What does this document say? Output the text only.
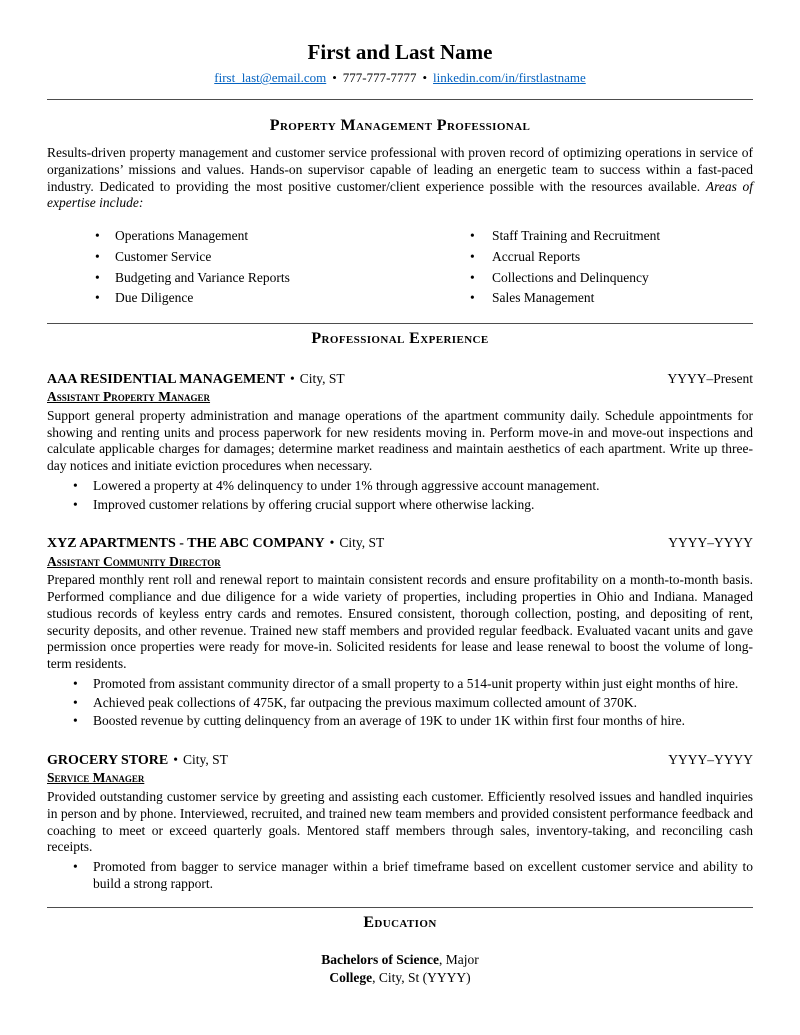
First and Last Name
first_last@email.com • 777-777-7777 • linkedin.com/in/firstlastname
Property Management Professional

Results-driven property management and customer service professional with proven record of optimizing operations in service of organizations’ missions and values. Hands-on supervisor capable of leading an energetic team to success within a fast-paced industry. Dedicated to providing the most positive customer/client experience possible with the resources available. Areas of expertise include:

• Operations Management
• Customer Service
• Budgeting and Variance Reports
• Due Diligence
• Staff Training and Recruitment
• Accrual Reports
• Collections and Delinquency
• Sales Management
Professional Experience
AAA RESIDENTIAL MANAGEMENT • City, ST	YYYY–Present
Assistant Property Manager

Support general property administration and manage operations of the apartment community daily. Schedule appointments for showing and renting units and process paperwork for new residents moving in. Perform move-in and move-out inspections and calculate applicable charges for damages; determine market readiness and maintain aesthetics of each apartment. Write up three-day notices and initiate eviction procedures when necessary.

• Lowered a property at 4% delinquency to under 1% through aggressive account management.
• Improved customer relations by offering crucial support where otherwise lacking.
XYZ APARTMENTS - THE ABC COMPANY • City, ST	YYYY–YYYY
Assistant Community Director

Prepared monthly rent roll and renewal report to maintain consistent records and ensure profitability on a month-to-month basis. Performed compliance and due diligence for a wide variety of properties, including properties in Ohio and Indiana. Managed studious records of keyless entry cards and remotes. Ensured consistent, thorough collection, posting, and depositing of rent, security deposits, and other revenue. Trained new staff members and provided regular feedback. Evaluated vacant units and gave permission once properties were ready for move-in. Solicited residents for lease and lease renewal to boost the volume of long-term residents.

• Promoted from assistant community director of a small property to a 514-unit property within just eight months of hire.
• Achieved peak collections of 475K, far outpacing the previous maximum collected amount of 370K.
• Boosted revenue by cutting delinquency from an average of 19K to under 1K within first four months of hire.
GROCERY STORE • City, ST	YYYY–YYYY
Service Manager

Provided outstanding customer service by greeting and assisting each customer. Efficiently resolved issues and handled inquiries in person and by phone. Interviewed, recruited, and trained new team members and provided consistent performance feedback and coaching to meet or exceed quarterly goals. Mentored staff members through sales, inventory-taking, and reconciling cash receipts.

• Promoted from bagger to service manager within a brief timeframe based on excellent customer service and ability to build a strong rapport.
Education

Bachelors of Science, Major

College, City, St (YYYY)
